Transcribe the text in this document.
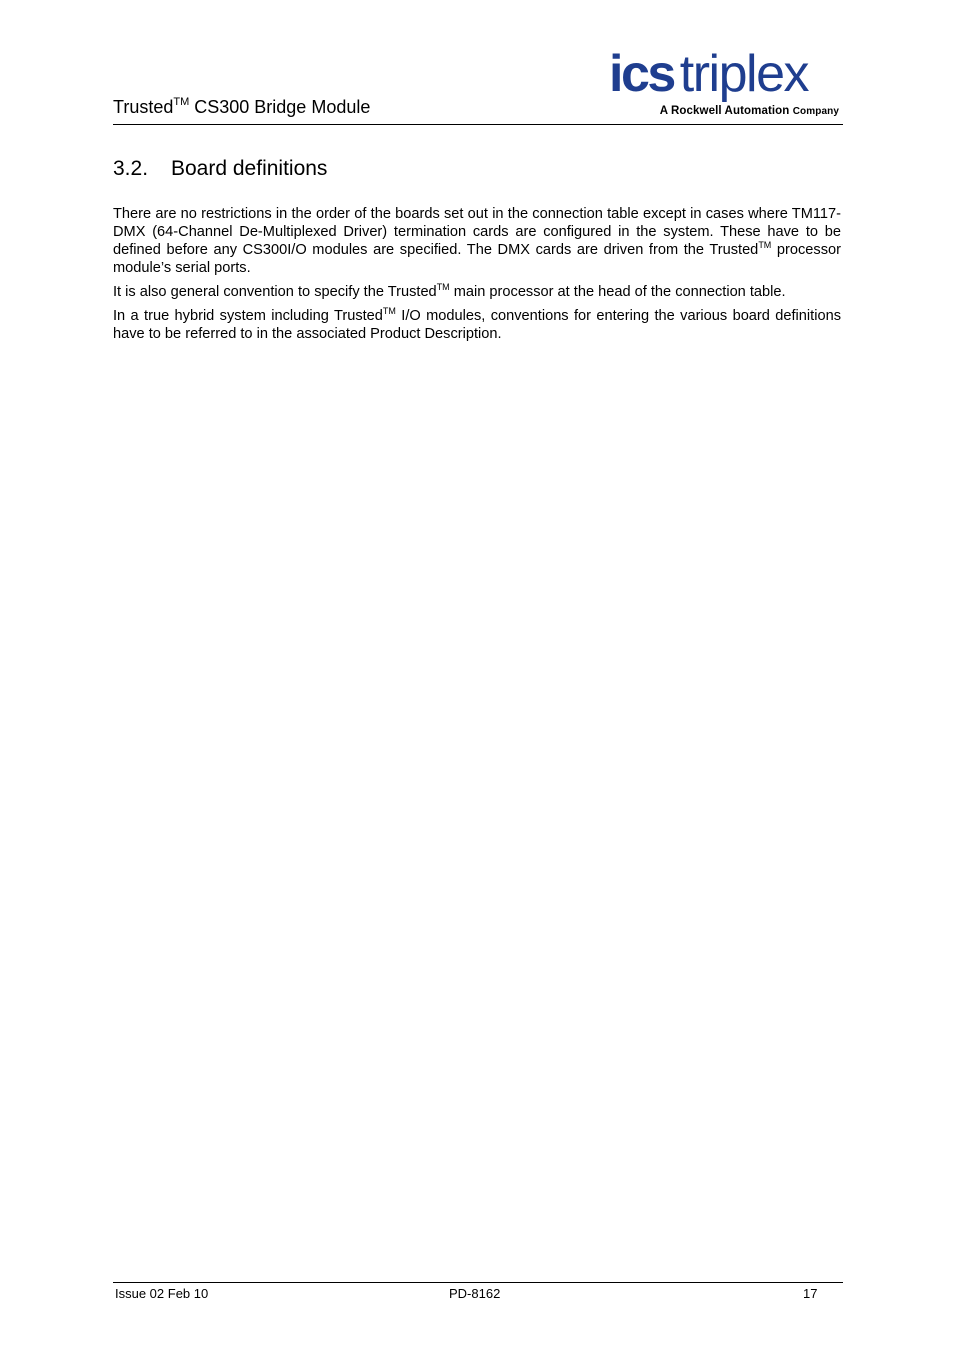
Trusted™ CS300 Bridge Module
ics triplex
A Rockwell Automation Company
3.2. Board definitions

There are no restrictions in the order of the boards set out in the connection table except in cases where TM117-DMX (64-Channel De-Multiplexed Driver) termination cards are configured in the system. These have to be defined before any CS300I/O modules are specified. The DMX cards are driven from the Trusted™ processor module’s serial ports.

It is also general convention to specify the Trusted™ main processor at the head of the connection table.

In a true hybrid system including Trusted™ I/O modules, conventions for entering the various board definitions have to be referred to in the associated Product Description.

Issue 02 Feb 10	PD-8162	17
